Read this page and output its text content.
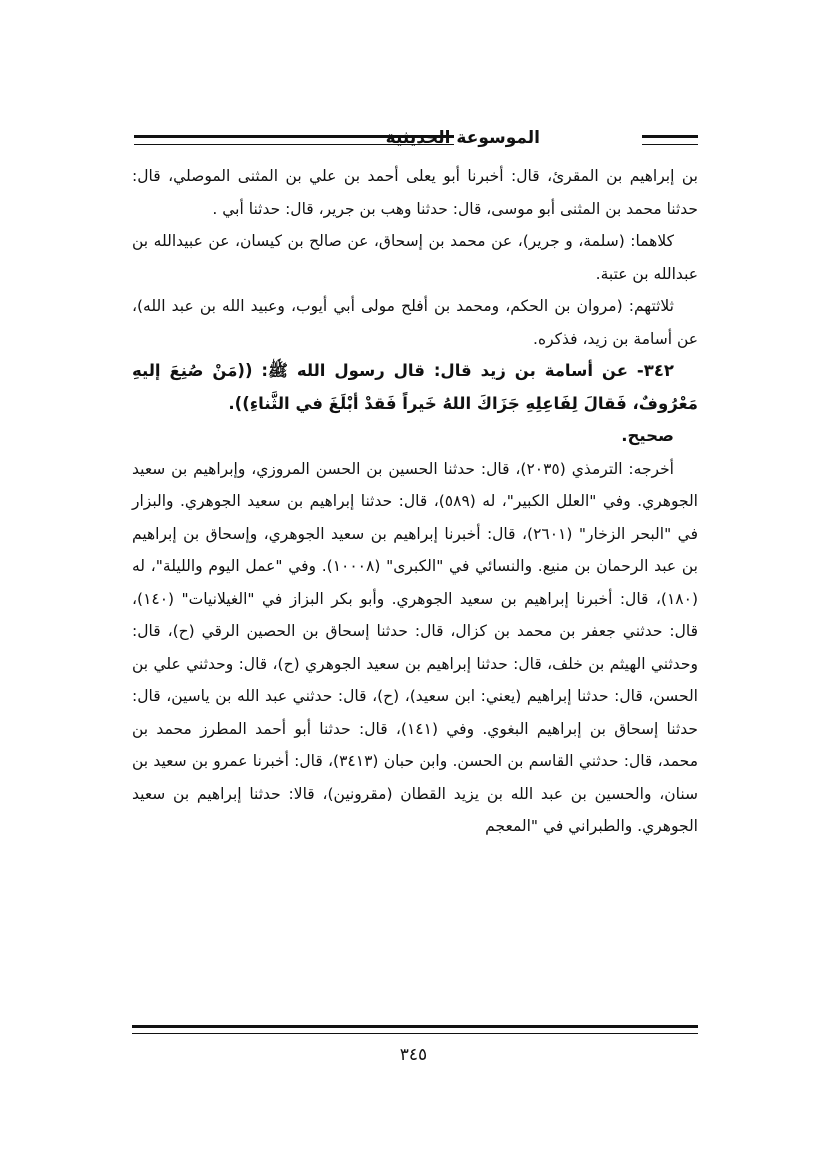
الموسوعة الحديثية

بن إبراهيم بن المقرئ، قال: أخبرنا أبو يعلى أحمد بن علي بن المثنى الموصلي، قال: حدثنا محمد بن المثنى أبو موسى، قال: حدثنا وهب بن جرير، قال: حدثنا أبي .

كلاهما: (سلمة، و جرير)، عن محمد بن إسحاق، عن صالح بن كيسان، عن عبيدالله بن عبدالله بن عتبة.

ثلاثتهم: (مروان بن الحكم، ومحمد بن أفلح مولى أبي أيوب، وعبيد الله بن عبد الله)، عن أسامة بن زيد، فذكره.

٣٤٢- عن أسامة بن زيد قال: قال رسول الله ﷺ: ((مَنْ صُنِعَ إليهِ مَعْرُوفٌ، فَقالَ لِفَاعِلِهِ جَزَاكَ اللهُ خَيراً فَقدْ أبْلَغَ في الثَّناءِ)).

صحيح.

أخرجه: الترمذي (٢٠٣٥)، قال: حدثنا الحسين بن الحسن المروزي، وإبراهيم بن سعيد الجوهري. وفي "العلل الكبير"، له (٥٨٩)، قال: حدثنا إبراهيم بن سعيد الجوهري. والبزار في "البحر الزخار" (٢٦٠١)، قال: أخبرنا إبراهيم بن سعيد الجوهري، وإسحاق بن إبراهيم بن عبد الرحمان بن منيع. والنسائي في "الكبرى" (١٠٠٠٨). وفي "عمل اليوم والليلة"، له (١٨٠)، قال: أخبرنا إبراهيم بن سعيد الجوهري. وأبو بكر البزاز في "الغيلانيات" (١٤٠)، قال: حدثني جعفر بن محمد بن كزال، قال: حدثنا إسحاق بن الحصين الرقي (ح)، قال: وحدثني الهيثم بن خلف، قال: حدثنا إبراهيم بن سعيد الجوهري (ح)، قال: وحدثني علي بن الحسن، قال: حدثنا إبراهيم (يعني: ابن سعيد)، (ح)، قال: حدثني عبد الله بن ياسين، قال: حدثنا إسحاق بن إبراهيم البغوي. وفي (١٤١)، قال: حدثنا أبو أحمد المطرز محمد بن محمد، قال: حدثني القاسم بن الحسن. وابن حبان (٣٤١٣)، قال: أخبرنا عمرو بن سعيد بن سنان، والحسين بن عبد الله بن يزيد القطان (مقرونين)، قالا: حدثنا إبراهيم بن سعيد الجوهري. والطبراني في "المعجم

٣٤٥
